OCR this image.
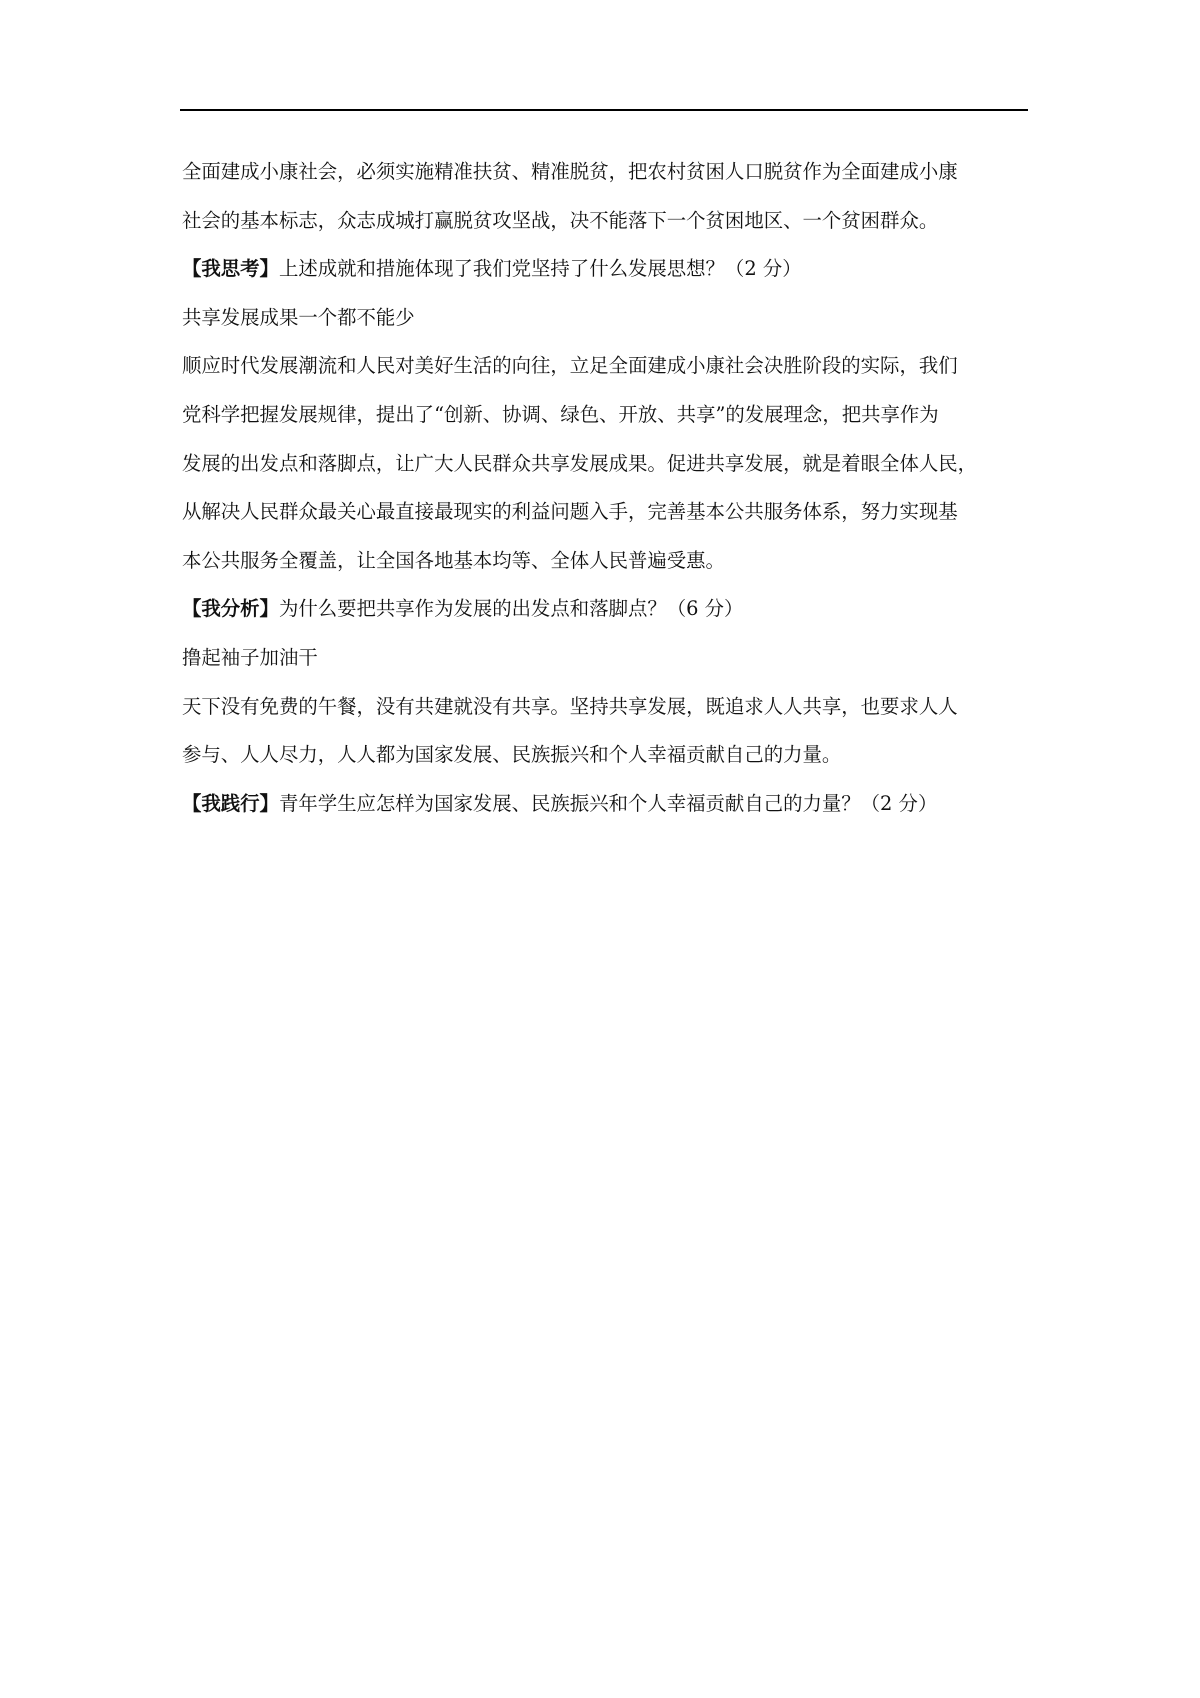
全面建成小康社会，必须实施精准扶贫、精准脱贫，把农村贫困人口脱贫作为全面建成小康
社会的基本标志，众志成城打赢脱贫攻坚战，决不能落下一个贫困地区、一个贫困群众。
【我思考】上述成就和措施体现了我们党坚持了什么发展思想？（2 分）
共享发展成果一个都不能少
顺应时代发展潮流和人民对美好生活的向往，立足全面建成小康社会决胜阶段的实际，我们
党科学把握发展规律，提出了“创新、协调、绿色、开放、共享”的发展理念，把共享作为
发展的出发点和落脚点，让广大人民群众共享发展成果。促进共享发展，就是着眼全体人民，
从解决人民群众最关心最直接最现实的利益问题入手，完善基本公共服务体系，努力实现基
本公共服务全覆盖，让全国各地基本均等、全体人民普遍受惠。
【我分析】为什么要把共享作为发展的出发点和落脚点？（6 分）
撸起袖子加油干
天下没有免费的午餐，没有共建就没有共享。坚持共享发展，既追求人人共享，也要求人人
参与、人人尽力，人人都为国家发展、民族振兴和个人幸福贡献自己的力量。
【我践行】青年学生应怎样为国家发展、民族振兴和个人幸福贡献自己的力量？（2 分）
